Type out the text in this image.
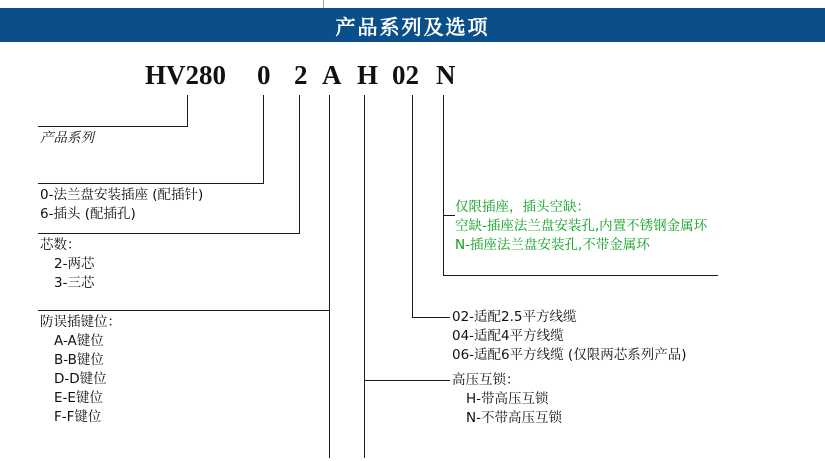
产品系列及选项
HV280 0 2 A H 02 N
产品系列
0-法兰盘安装插座 (配插针)
6-插头 (配插孔)
芯数：
2-两芯
3-三芯
防误插键位：
A-A键位
B-B键位
D-D键位
E-E键位
F-F键位
高压互锁：
H-带高压互锁
N-不带高压互锁
02-适配2.5平方线缆
04-适配4平方线缆
06-适配6平方线缆 (仅限两芯系列产品)
仅限插座，插头空缺：
空缺-插座法兰盘安装孔,内置不锈钢金属环
N-插座法兰盘安装孔,不带金属环
